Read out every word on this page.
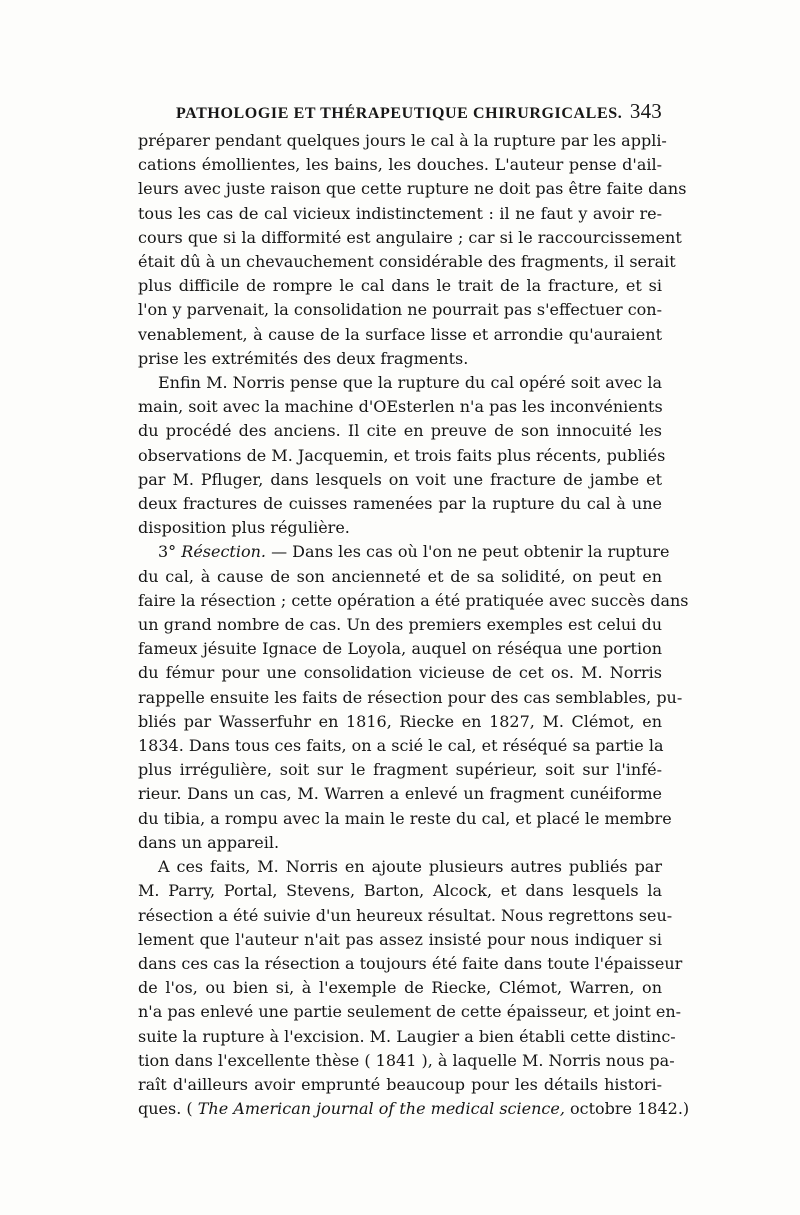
PATHOLOGIE ET THÉRAPEUTIQUE CHIRURGICALES. 343
préparer pendant quelques jours le cal à la rupture par les appli-
cations émollientes, les bains, les douches. L'auteur pense d'ail-
leurs avec juste raison que cette rupture ne doit pas être faite dans
tous les cas de cal vicieux indistinctement : il ne faut y avoir re-
cours que si la difformité est angulaire ; car si le raccourcissement
était dû à un chevauchement considérable des fragments, il serait
plus difficile de rompre le cal dans le trait de la fracture, et si
l'on y parvenait, la consolidation ne pourrait pas s'effectuer con-
venablement, à cause de la surface lisse et arrondie qu'auraient
prise les extrémités des deux fragments.
Enfin M. Norris pense que la rupture du cal opéré soit avec la
main, soit avec la machine d'OEsterlen n'a pas les inconvénients
du procédé des anciens. Il cite en preuve de son innocuité les
observations de M. Jacquemin, et trois faits plus récents, publiés
par M. Pfluger, dans lesquels on voit une fracture de jambe et
deux fractures de cuisses ramenées par la rupture du cal à une
disposition plus régulière.
3° Résection. — Dans les cas où l'on ne peut obtenir la rupture
du cal, à cause de son ancienneté et de sa solidité, on peut en
faire la résection ; cette opération a été pratiquée avec succès dans
un grand nombre de cas. Un des premiers exemples est celui du
fameux jésuite Ignace de Loyola, auquel on réséqua une portion
du fémur pour une consolidation vicieuse de cet os. M. Norris
rappelle ensuite les faits de résection pour des cas semblables, pu-
bliés par Wasserfuhr en 1816, Riecke en 1827, M. Clémot, en
1834. Dans tous ces faits, on a scié le cal, et réséqué sa partie la
plus irrégulière, soit sur le fragment supérieur, soit sur l'infé-
rieur. Dans un cas, M. Warren a enlevé un fragment cunéiforme
du tibia, a rompu avec la main le reste du cal, et placé le membre
dans un appareil.
A ces faits, M. Norris en ajoute plusieurs autres publiés par
M. Parry, Portal, Stevens, Barton, Alcock, et dans lesquels la
résection a été suivie d'un heureux résultat. Nous regrettons seu-
lement que l'auteur n'ait pas assez insisté pour nous indiquer si
dans ces cas la résection a toujours été faite dans toute l'épaisseur
de l'os, ou bien si, à l'exemple de Riecke, Clémot, Warren, on
n'a pas enlevé une partie seulement de cette épaisseur, et joint en-
suite la rupture à l'excision. M. Laugier a bien établi cette distinc-
tion dans l'excellente thèse ( 1841 ), à laquelle M. Norris nous pa-
raît d'ailleurs avoir emprunté beaucoup pour les détails histori-
ques. ( The American journal of the medical science, octobre 1842.)
